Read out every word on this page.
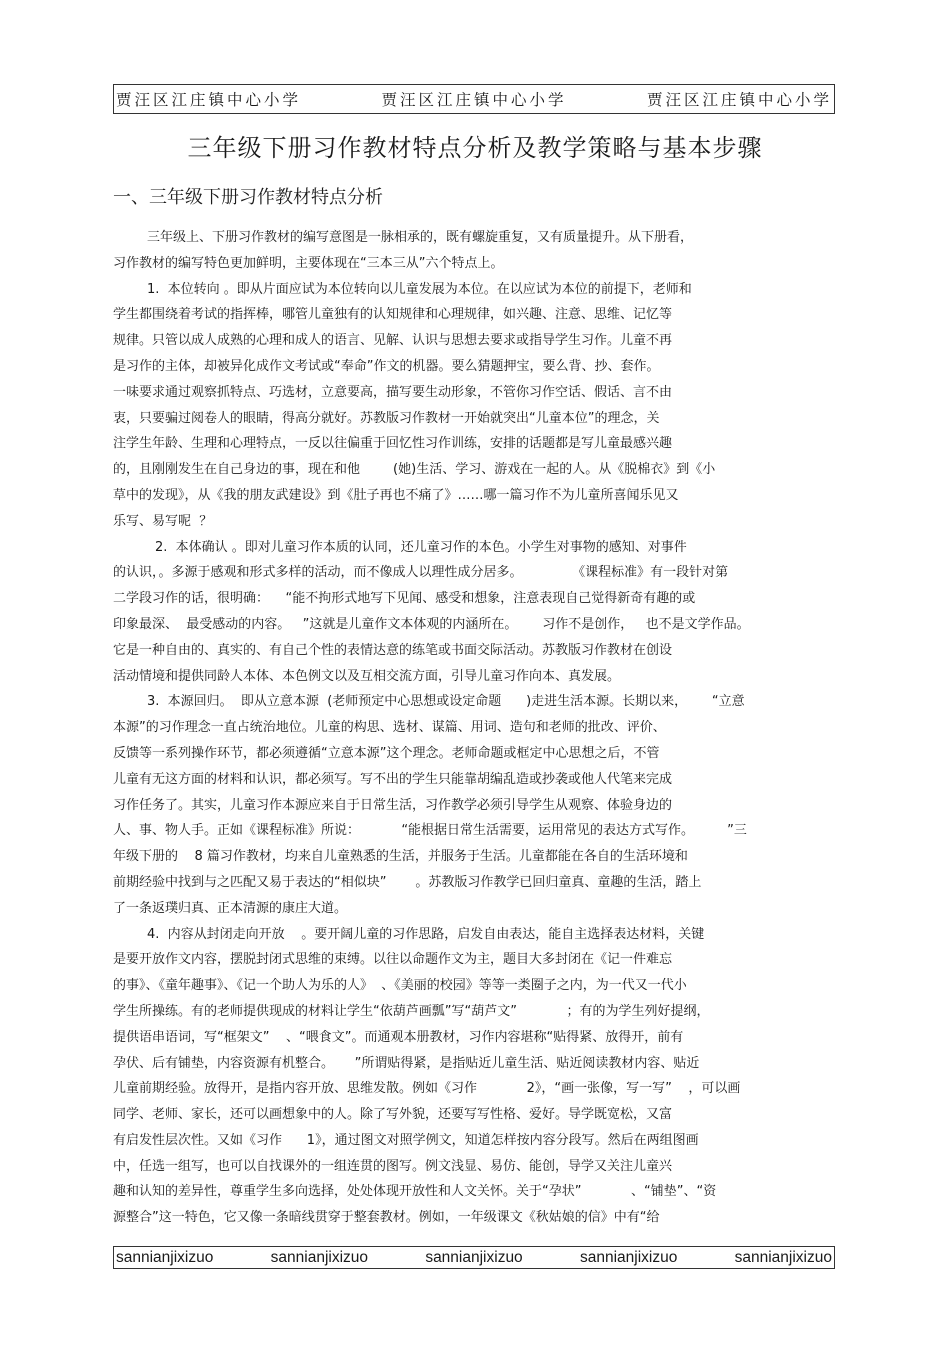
贾汪区江庄镇中心小学	贾汪区江庄镇中心小学	贾汪区江庄镇中心小学
三年级下册习作教材特点分析及教学策略与基本步骤
一、三年级下册习作教材特点分析
三年级上、下册习作教材的编写意图是一脉相承的，既有螺旋重复，又有质量提升。从下册看，
习作教材的编写特色更加鲜明，主要体现在“三本三从”六个特点上。
1.  本位转向 。即从片面应试为本位转向以儿童发展为本位。在以应试为本位的前提下，老师和
学生都围绕着考试的指挥棒，哪管儿童独有的认知规律和心理规律，如兴趣、注意、思维、记忆等
规律。只管以成人成熟的心理和成人的语言、见解、认识与思想去要求或指导学生习作。儿童不再
是习作的主体，却被异化成作文考试或“奉命”作文的机器。要么猜题押宝，要么背、抄、套作。
一味要求通过观察抓特点、巧选材，立意要高，描写要生动形象，不管你习作空话、假话、言不由
衷，只要骗过阅卷人的眼睛，得高分就好。苏教版习作教材一开始就突出“儿童本位”的理念，关
注学生年龄、生理和心理特点，一反以往偏重于回忆性习作训练，安排的话题都是写儿童最感兴趣
的，且刚刚发生在自己身边的事，现在和他        (她)生活、学习、游戏在一起的人。从《脱棉衣》到《小
草中的发现》，从《我的朋友武建设》到《肚子再也不痛了》……哪一篇习作不为儿童所喜闻乐见又
乐写、易写呢  ？
2.  本体确认 。即对儿童习作本质的认同，还儿童习作的本色。小学生对事物的感知、对事件
的认识，。多源于感观和形式多样的活动，而不像成人以理性成分居多。            《课程标准》有一段针对第
二学段习作的话，很明确：    “能不拘形式地写下见闻、感受和想象，注意表现自己觉得新奇有趣的或
印象最深、  最受感动的内容。   ”这就是儿童作文本体观的内涵所在。      习作不是创作，   也不是文学作品。
它是一种自由的、真实的、有自己个性的表情达意的练笔或书面交际活动。苏教版习作教材在创设
活动情境和提供同龄人本体、本色例文以及互相交流方面，引导儿童习作向本、真发展。
3.  本源回归。  即从立意本源  (老师预定中心思想或设定命题      )走进生活本源。长期以来，      “立意
本源”的习作理念一直占统治地位。儿童的构思、选材、谋篇、用词、造句和老师的批改、评价、
反馈等一系列操作环节，都必须遵循“立意本源”这个理念。老师命题或框定中心思想之后，不管
儿童有无这方面的材料和认识，都必须写。写不出的学生只能靠胡编乱造或抄袭或他人代笔来完成
习作任务了。其实，儿童习作本源应来自于日常生活，习作教学必须引导学生从观察、体验身边的
人、事、物人手。正如《课程标准》所说：          “能根据日常生活需要，运用常见的表达方式写作。        ”三
年级下册的    8 篇习作教材，均来自儿童熟悉的生活，并服务于生活。儿童都能在各自的生活环境和
前期经验中找到与之匹配又易于表达的“相似块”       。苏教版习作教学已回归童真、童趣的生活，踏上
了一条返璞归真、正本清源的康庄大道。
4.  内容从封闭走向开放    。要开阔儿童的习作思路，启发自由表达，能自主选择表达材料，关键
是要开放作文内容，摆脱封闭式思维的束缚。以往以命题作文为主，题目大多封闭在《记一件难忘
的事》、《童年趣事》、《记一个助人为乐的人》  、《美丽的校园》等等一类圈子之内，为一代又一代小
学生所操练。有的老师提供现成的材料让学生“依葫芦画瓢”写“葫芦文”            ；有的为学生列好提纲，
提供语串语词，写“框架文”    、“喂食文”。而通观本册教材，习作内容堪称“贴得紧、放得开，前有
孕伏、后有铺垫，内容资源有机整合。     ”所谓贴得紧，是指贴近儿童生活、贴近阅读教材内容、贴近
儿童前期经验。放得开，是指内容开放、思维发散。例如《习作            2》，“画一张像，写一写”    ，可以画
同学、老师、家长，还可以画想象中的人。除了写外貌，还要写写性格、爱好。导学既宽松，又富
有启发性层次性。又如《习作      1》，通过图文对照学例文，知道怎样按内容分段写。然后在两组图画
中，任选一组写，也可以自找课外的一组连贯的图写。例文浅显、易仿、能创，导学又关注儿童兴
趣和认知的差异性，尊重学生多向选择，处处体现开放性和人文关怀。关于“孕状”            、“铺垫”、“资
源整合”这一特色，它又像一条暗线贯穿于整套教材。例如，一年级课文《秋姑娘的信》中有“给
sannianjixizuo	sannianjixizuo	sannianjixizuo	sannianjixizuo	sannianjixizuo
